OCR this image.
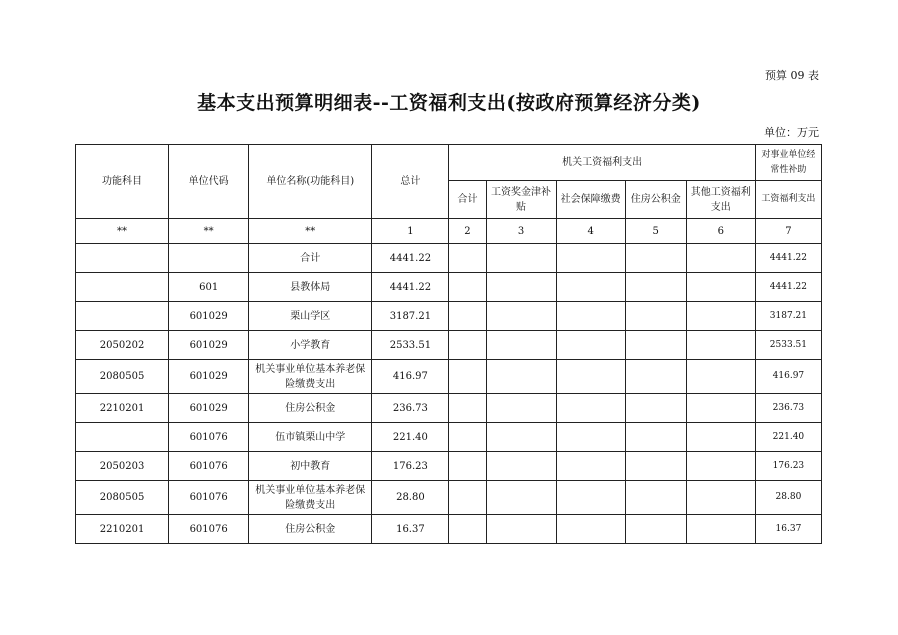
预算 09 表
基本支出预算明细表--工资福利支出(按政府预算经济分类)
单位：万元
功能科目	单位代码	单位名称(功能科目)	总计	机关工资福利支出					对事业单位经常性补助
				合计	工资奖金津补贴	社会保障缴费	住房公积金	其他工资福利支出	工资福利支出
**	**	**	1	2	3	4	5	6	7
		合计	4441.22						4441.22
	601	县教体局	4441.22						4441.22
	601029	栗山学区	3187.21						3187.21
2050202	601029	小学教育	2533.51						2533.51
2080505	601029	机关事业单位基本养老保险缴费支出	416.97						416.97
2210201	601029	住房公积金	236.73						236.73
	601076	伍市镇栗山中学	221.40						221.40
2050203	601076	初中教育	176.23						176.23
2080505	601076	机关事业单位基本养老保险缴费支出	28.80						28.80
2210201	601076	住房公积金	16.37						16.37
